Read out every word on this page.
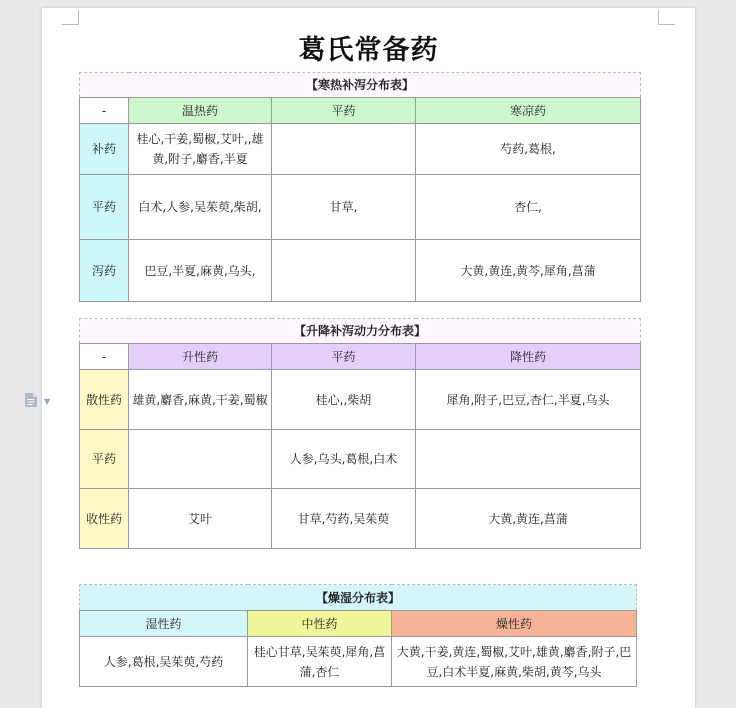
葛氏常备药
【寒热补泻分布表】			
-	温热药	平药	寒凉药
补药	桂心,干姜,蜀椒,艾叶,,雄黄,附子,麝香,半夏		芍药,葛根,
平药	白术,人参,吴茱萸,柴胡,	甘草,	杏仁,
泻药	巴豆,半夏,麻黄,乌头,		大黄,黄连,黄芩,犀角,菖蒲
【升降补泻动力分布表】			
-	升性药	平药	降性药
散性药	雄黄,麝香,麻黄,干姜,蜀椒	桂心,,柴胡	犀角,附子,巴豆,杏仁,半夏,乌头
平药		人参,乌头,葛根,白术	
收性药	艾叶	甘草,芍药,吴茱萸	大黄,黄连,菖蒲
【燥湿分布表】		
湿性药	中性药	燥性药
人参,葛根,吴茱萸,芍药	桂心甘草,吴茱萸,犀角,菖蒲,杏仁	大黄,干姜,黄连,蜀椒,艾叶,雄黄,麝香,附子,巴豆,白术半夏,麻黄,柴胡,黄芩,乌头
▼
